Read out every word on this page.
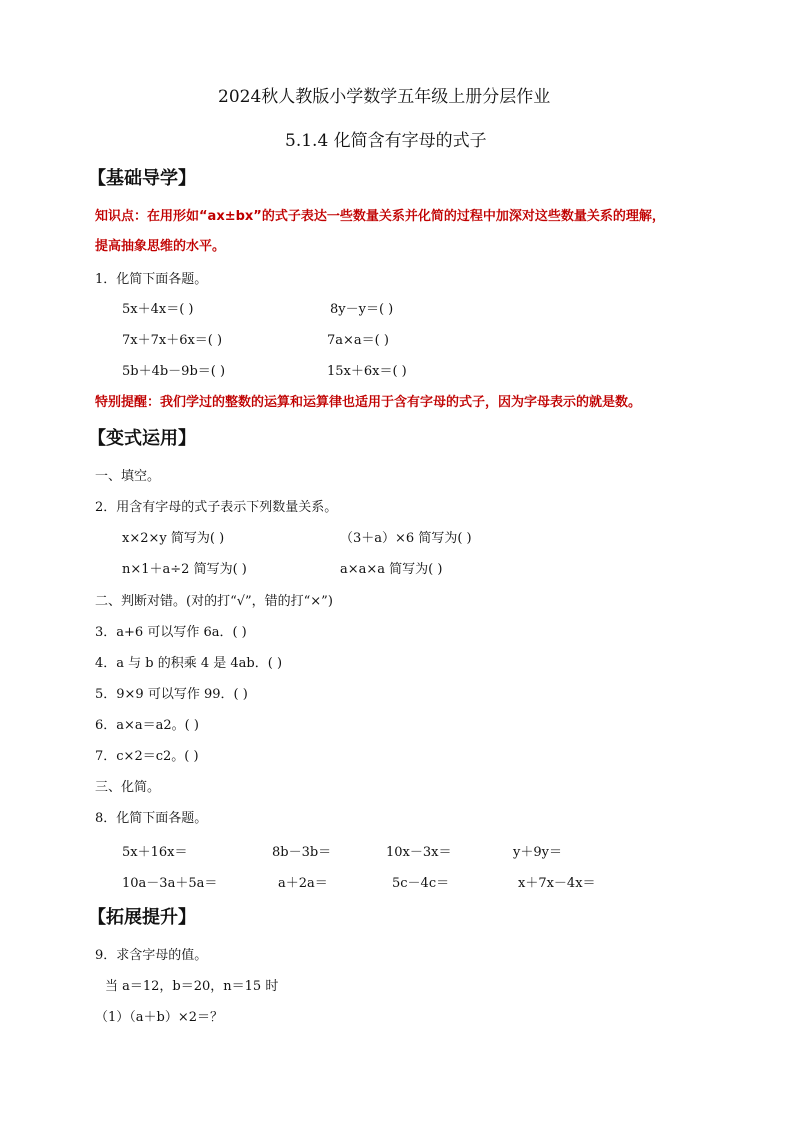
2024秋人教版小学数学五年级上册分层作业
5.1.4 化简含有字母的式子
【基础导学】
知识点：在用形如“ax±bx”的式子表达一些数量关系并化简的过程中加深对这些数量关系的理解，
提高抽象思维的水平。
1．化简下面各题。
5x＋4x＝( )	8y－y＝( )
7x＋7x＋6x＝( )	7a×a＝( )
5b＋4b－9b＝( )	15x＋6x＝( )
特别提醒：我们学过的整数的运算和运算律也适用于含有字母的式子，因为字母表示的就是数。
【变式运用】
一、填空。
2．用含有字母的式子表示下列数量关系。
x×2×y 简写为( )	（3＋a）×6 简写为( )
n×1＋a÷2 简写为( )	a×a×a 简写为( )
二、判断对错。(对的打“√”，错的打“×”)
3．a+6 可以写作 6a．( )
4．a 与 b 的积乘 4 是 4ab．( )
5．9×9 可以写作 99．( )
6．a×a＝a2。( )
7．c×2＝c2。( )
三、化简。
8．化简下面各题。
5x＋16x＝	8b－3b＝	10x－3x＝	y＋9y＝
10a－3a＋5a＝	a＋2a＝	5c－4c＝	x＋7x－4x＝
【拓展提升】
9．求含字母的值。
当 a＝12，b＝20，n＝15 时
（1）（a＋b）×2＝？
